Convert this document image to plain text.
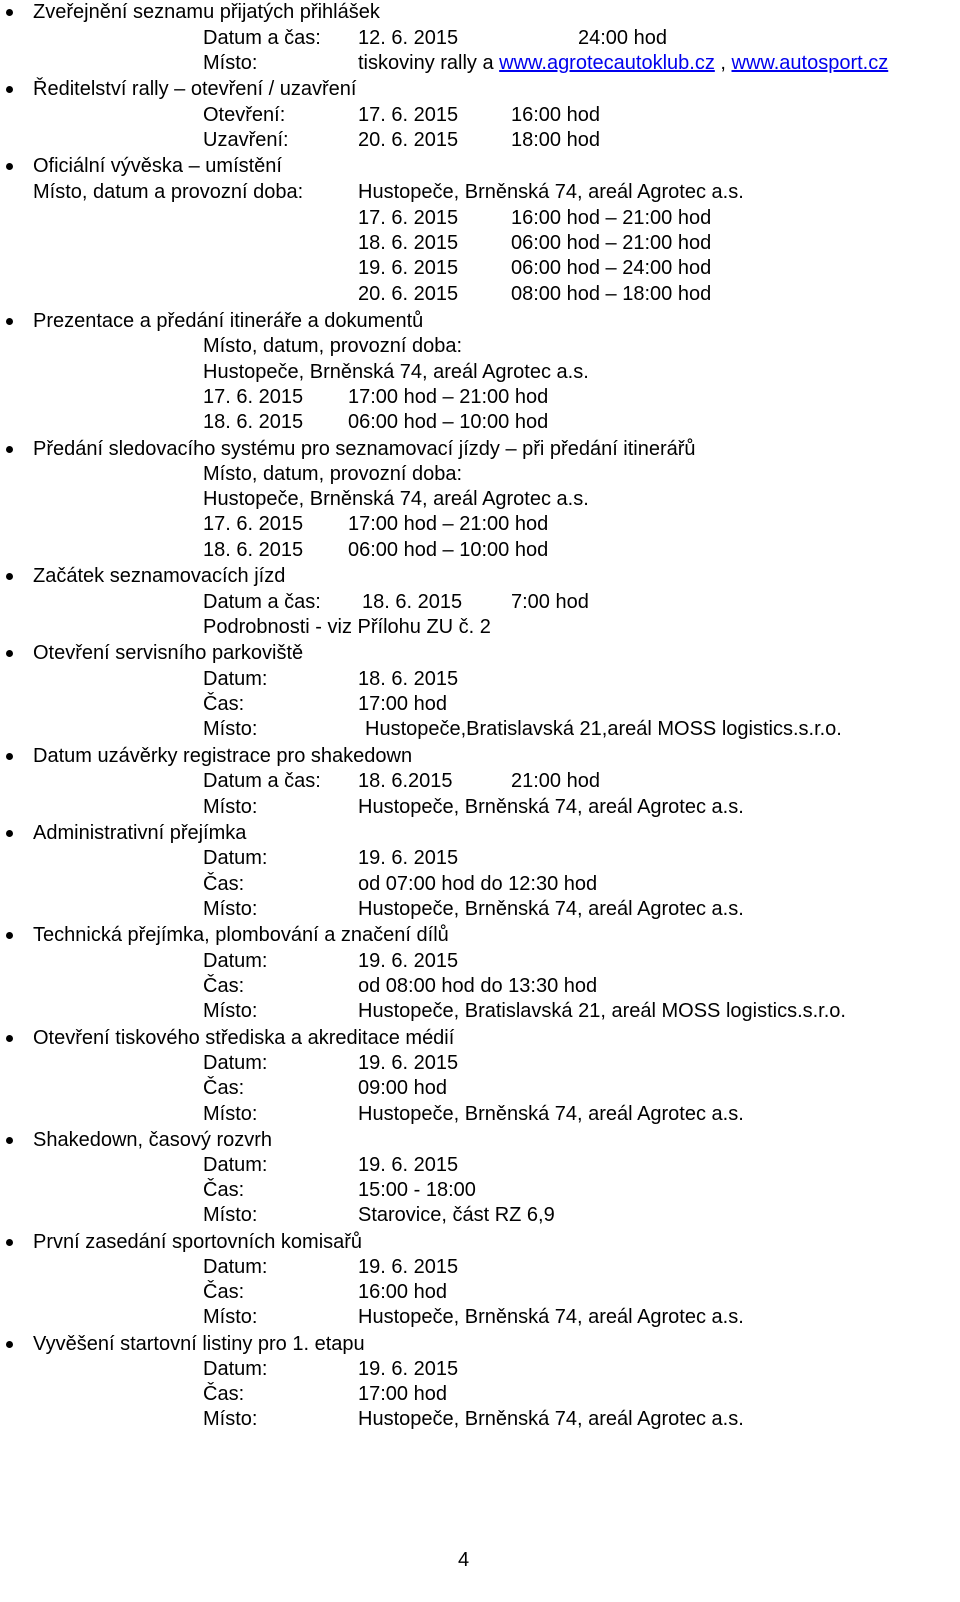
Zveřejnění seznamu přijatých přihlášek
Datum a čas: 12. 6. 2015	24:00 hod
Místo:	tiskoviny rally a www.agrotecautoklub.cz , www.autosport.cz
Ředitelství rally – otevření / uzavření
Otevření:	17. 6. 2015	16:00 hod
Uzavření:	20. 6. 2015	18:00 hod
Oficiální vývěska – umístění
Místo, datum a provozní doba:	Hustopeče, Brněnská 74, areál Agrotec a.s.
17. 6. 2015	16:00 hod – 21:00 hod
18. 6. 2015	06:00 hod – 21:00 hod
19. 6. 2015	06:00 hod – 24:00 hod
20. 6. 2015	08:00 hod – 18:00 hod
Prezentace a předání itineráře a dokumentů
Místo, datum, provozní doba:
Hustopeče, Brněnská 74, areál Agrotec a.s.
17. 6. 2015 17:00 hod – 21:00 hod
18. 6. 2015 06:00 hod – 10:00 hod
Předání sledovacího systému pro seznamovací jízdy – při předání itinerářů
Místo, datum, provozní doba:
Hustopeče, Brněnská 74, areál Agrotec a.s.
17. 6. 2015 17:00 hod – 21:00 hod
18. 6. 2015 06:00 hod – 10:00 hod
Začátek seznamovacích jízd
Datum a čas: 18. 6. 2015 7:00 hod
Podrobnosti - viz Přílohu ZU č. 2
Otevření servisního parkoviště
Datum:	18. 6. 2015
Čas:	17:00 hod
Místo:	Hustopeče,Bratislavská 21,areál MOSS logistics.s.r.o.
Datum uzávěrky registrace pro shakedown
Datum a čas: 18. 6.2015	21:00 hod
Místo:	Hustopeče, Brněnská 74, areál Agrotec a.s.
Administrativní přejímka
Datum:	19. 6. 2015
Čas:	od 07:00 hod do 12:30 hod
Místo:	Hustopeče, Brněnská 74, areál Agrotec a.s.
Technická přejímka, plombování a značení dílů
Datum:	19. 6. 2015
Čas:	od 08:00 hod do 13:30 hod
Místo:	Hustopeče, Bratislavská 21, areál MOSS logistics.s.r.o.
Otevření tiskového střediska a akreditace médií
Datum:	19. 6. 2015
Čas:	09:00 hod
Místo:	Hustopeče, Brněnská 74, areál Agrotec a.s.
Shakedown, časový rozvrh
Datum:	19. 6. 2015
Čas:	15:00 - 18:00
Místo:	Starovice, část RZ 6,9
První zasedání sportovních komisařů
Datum:	19. 6. 2015
Čas:	16:00 hod
Místo:	Hustopeče, Brněnská 74, areál Agrotec a.s.
Vyvěšení startovní listiny pro 1. etapu
Datum:	19. 6. 2015
Čas:	17:00 hod
Místo:	Hustopeče, Brněnská 74, areál Agrotec a.s.
4
